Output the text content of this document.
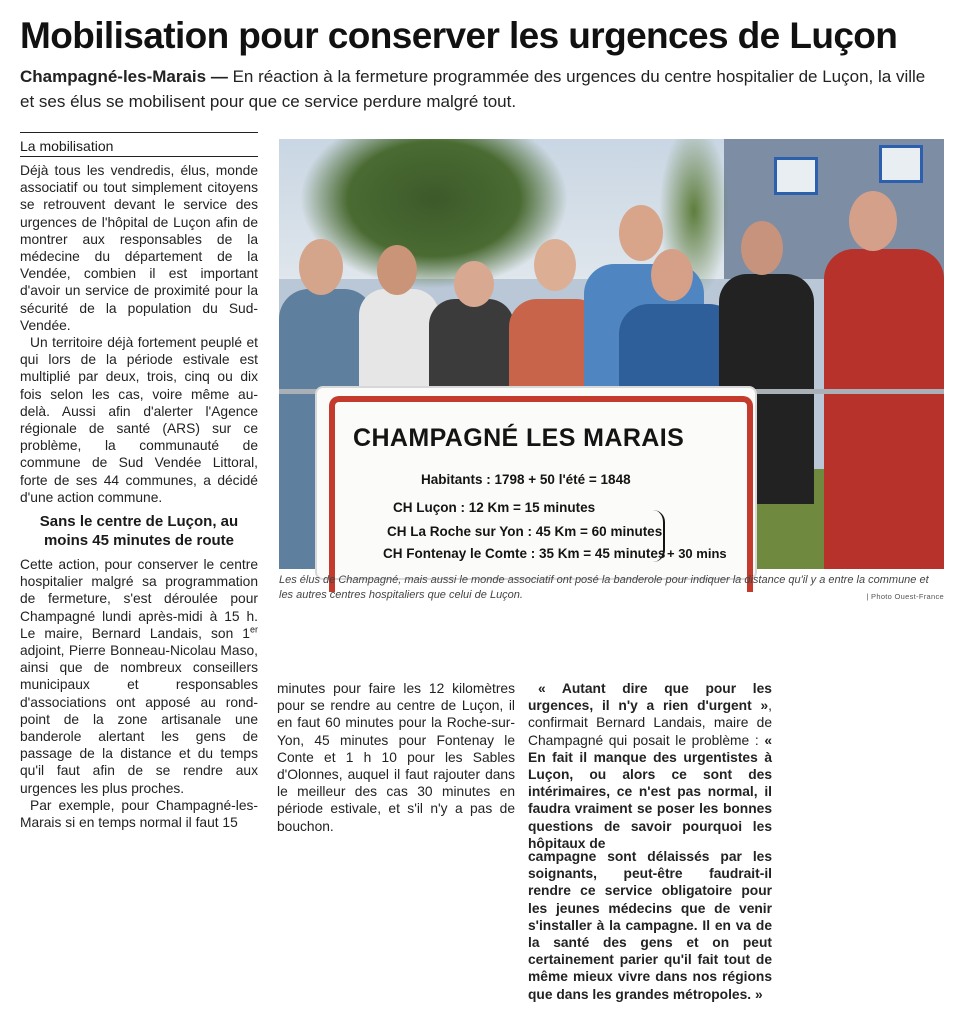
Mobilisation pour conserver les urgences de Luçon
Champagné-les-Marais — En réaction à la fermeture programmée des urgences du centre hospitalier de Luçon, la ville et ses élus se mobilisent pour que ce service perdure malgré tout.
La mobilisation

Déjà tous les vendredis, élus, monde associatif ou tout simplement citoyens se retrouvent devant le service des urgences de l'hôpital de Luçon afin de montrer aux responsables de la médecine du département de la Vendée, combien il est important d'avoir un service de proximité pour la sécurité de la population du Sud-Vendée.

Un territoire déjà fortement peuplé et qui lors de la période estivale est multiplié par deux, trois, cinq ou dix fois selon les cas, voire même au-delà. Aussi afin d'alerter l'Agence régionale de santé (ARS) sur ce problème, la communauté de commune de Sud Vendée Littoral, forte de ses 44 communes, a décidé d'une action commune.

Sans le centre de Luçon, au moins 45 minutes de route

Cette action, pour conserver le centre hospitalier malgré sa programmation de fermeture, s'est déroulée pour Champagné lundi après-midi à 15 h. Le maire, Bernard Landais, son 1er adjoint, Pierre Bonneau-Nicolau Maso, ainsi que de nombreux conseillers municipaux et responsables d'associations ont apposé au rond-point de la zone artisanale une banderole alertant les gens de passage de la distance et du temps qu'il faut afin de se rendre aux urgences les plus proches.

Par exemple, pour Champagné-les-Marais si en temps normal il faut 15

minutes pour faire les 12 kilomètres pour se rendre au centre de Luçon, il en faut 60 minutes pour la Roche-sur-Yon, 45 minutes pour Fontenay le Conte et 1 h 10 pour les Sables d'Olonnes, auquel il faut rajouter dans le meilleur des cas 30 minutes en période estivale, et s'il n'y a pas de bouchon.

« Autant dire que pour les urgences, il n'y a rien d'urgent », confirmait Bernard Landais, maire de Champagné qui posait le problème : « En fait il manque des urgentistes à Luçon, ou alors ce sont des intérimaires, ce n'est pas normal, il faudra vraiment se poser les bonnes questions de savoir pourquoi les hôpitaux de

campagne sont délaissés par les soignants, peut-être faudrait-il rendre ce service obligatoire pour les jeunes médecins que de venir s'installer à la campagne. Il en va de la santé des gens et on peut certainement parier qu'il fait tout de même mieux vivre dans nos régions que dans les grandes métropoles. »

CHAMPAGNÉ LES MARAIS
Habitants : 1798 + 50 l'été = 1848
CH Luçon : 12 Km = 15 minutes
CH La Roche sur Yon : 45 Km = 60 minutes
CH Fontenay le Comte : 35 Km = 45 minutes + 30 mins
Les élus de Champagné, mais aussi le monde associatif ont posé la banderole pour indiquer la distance qu'il y a entre la commune et les autres centres hospitaliers que celui de Luçon.	| Photo Ouest-France
